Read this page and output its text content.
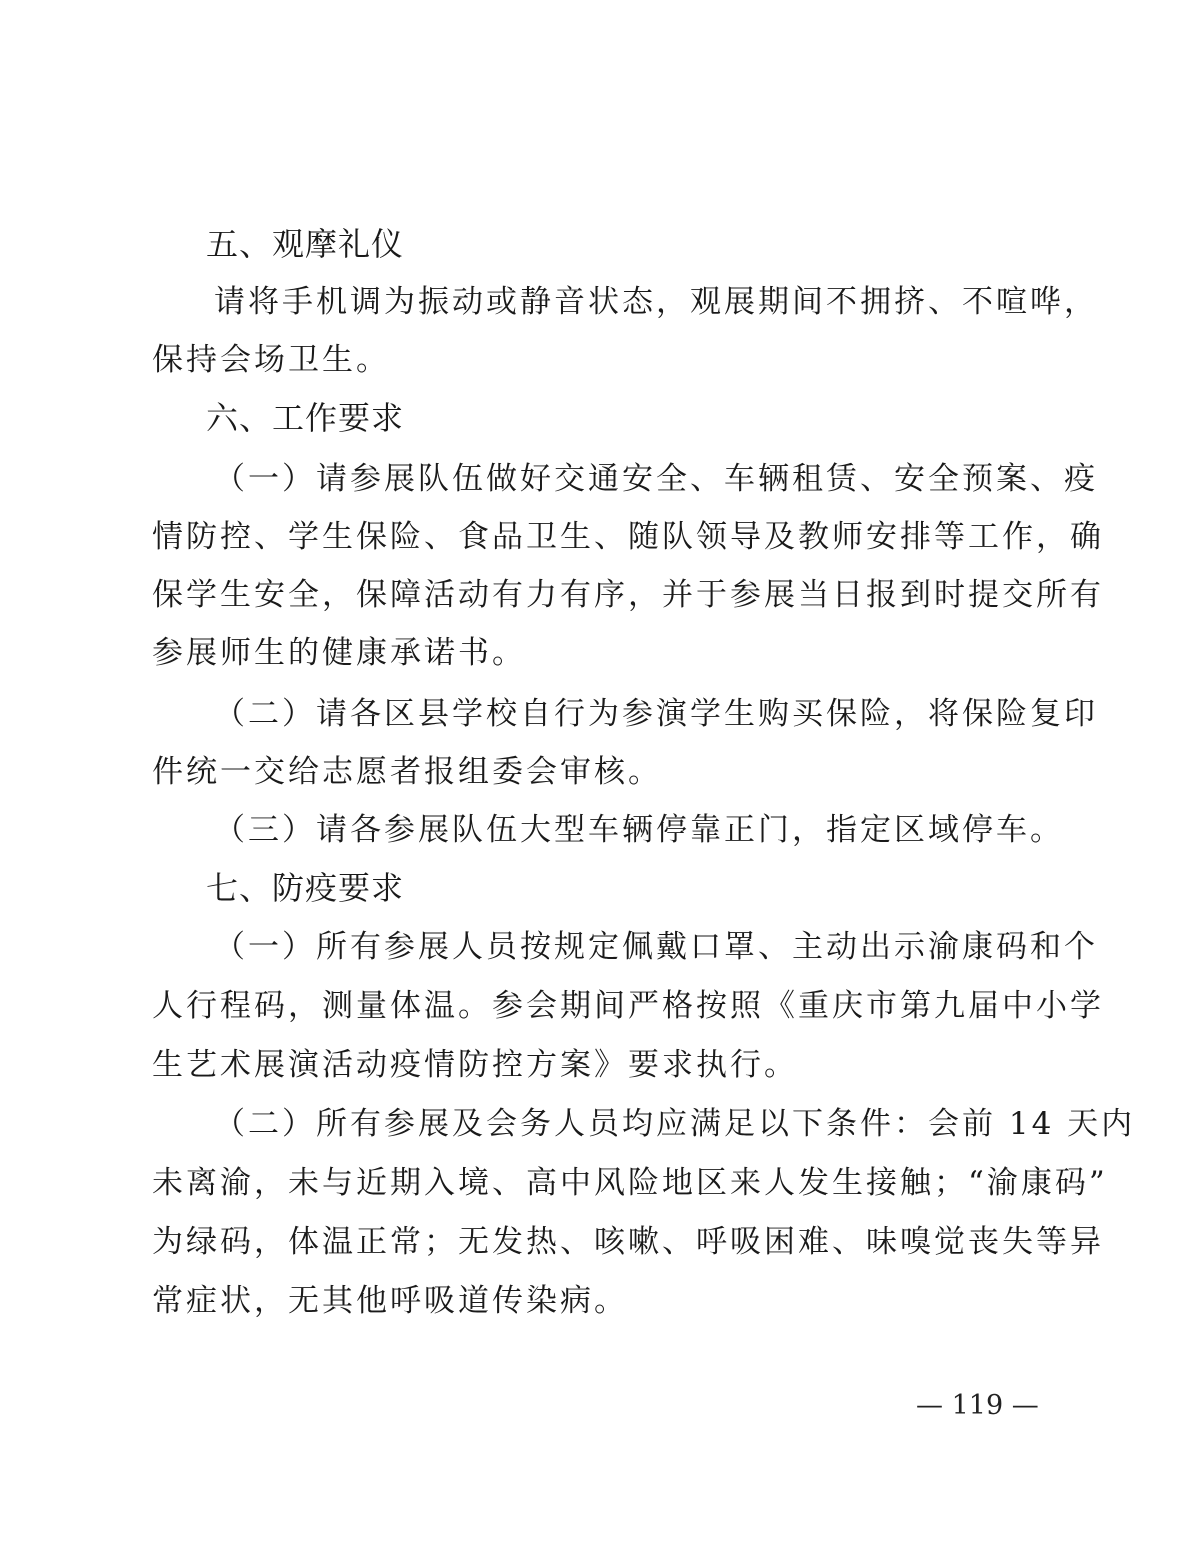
五、观摩礼仪
请将手机调为振动或静音状态，观展期间不拥挤、不喧哗，
保持会场卫生。
六、工作要求
（一）请参展队伍做好交通安全、车辆租赁、安全预案、疫
情防控、学生保险、食品卫生、随队领导及教师安排等工作，确
保学生安全，保障活动有力有序，并于参展当日报到时提交所有
参展师生的健康承诺书。
（二）请各区县学校自行为参演学生购买保险，将保险复印
件统一交给志愿者报组委会审核。
（三）请各参展队伍大型车辆停靠正门，指定区域停车。
七、防疫要求
（一）所有参展人员按规定佩戴口罩、主动出示渝康码和个
人行程码，测量体温。参会期间严格按照《重庆市第九届中小学
生艺术展演活动疫情防控方案》要求执行。
（二）所有参展及会务人员均应满足以下条件：会前 14 天内
未离渝，未与近期入境、高中风险地区来人发生接触；“渝康码”
为绿码，体温正常；无发热、咳嗽、呼吸困难、味嗅觉丧失等异
常症状，无其他呼吸道传染病。
— 119 —
